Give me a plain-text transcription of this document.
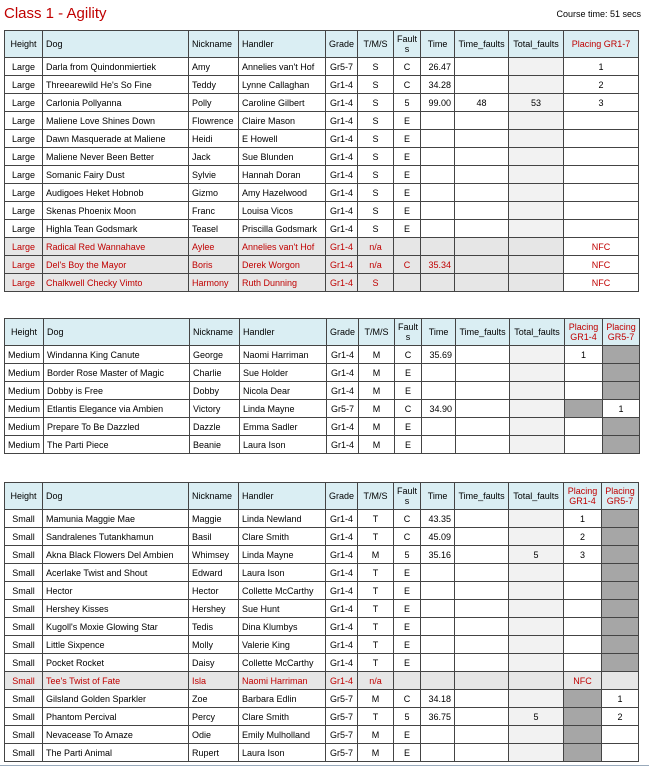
Class 1 - Agility	Course time: 51 secs
Height	Dog	Nickname	Handler	Grade	T/M/S	Fault s	Time	Time_faults	Total_faults	Placing GR1-7
Large	Darla from Quindonmiertiek	Amy	Annelies van't Hof	Gr5-7	S	C	26.47			1
Large	Threearewild He's So Fine	Teddy	Lynne Callaghan	Gr1-4	S	C	34.28			2
Large	Carlonia Pollyanna	Polly	Caroline Gilbert	Gr1-4	S	5	99.00	48	53	3
Large	Maliene Love Shines Down	Flowrence	Claire Mason	Gr1-4	S	E				
Large	Dawn Masquerade at Maliene	Heidi	E Howell	Gr1-4	S	E				
Large	Maliene Never Been Better	Jack	Sue Blunden	Gr1-4	S	E				
Large	Somanic Fairy Dust	Sylvie	Hannah Doran	Gr1-4	S	E				
Large	Audigoes Heket Hobnob	Gizmo	Amy Hazelwood	Gr1-4	S	E				
Large	Skenas Phoenix Moon	Franc	Louisa Vicos	Gr1-4	S	E				
Large	Highla Tean Godsmark	Teasel	Priscilla Godsmark	Gr1-4	S	E				
Large	Radical Red Wannahave	Aylee	Annelies van't Hof	Gr1-4	n/a					NFC
Large	Del's Boy the Mayor	Boris	Derek Worgon	Gr1-4	n/a	C	35.34			NFC
Large	Chalkwell Checky Vimto	Harmony	Ruth Dunning	Gr1-4	S					NFC
Height	Dog	Nickname	Handler	Grade	T/M/S	Fault s	Time	Time_faults	Total_faults	Placing GR1-4	Placing GR5-7
Medium	Windanna King Canute	George	Naomi Harriman	Gr1-4	M	C	35.69			1	
Medium	Border Rose Master of Magic	Charlie	Sue Holder	Gr1-4	M	E					
Medium	Dobby is Free	Dobby	Nicola Dear	Gr1-4	M	E					
Medium	Etlantis Elegance via Ambien	Victory	Linda Mayne	Gr5-7	M	C	34.90				1
Medium	Prepare To Be Dazzled	Dazzle	Emma Sadler	Gr1-4	M	E					
Medium	The Parti Piece	Beanie	Laura Ison	Gr1-4	M	E					
Height	Dog	Nickname	Handler	Grade	T/M/S	Fault s	Time	Time_faults	Total_faults	Placing GR1-4	Placing GR5-7
Small	Mamunia Maggie Mae	Maggie	Linda Newland	Gr1-4	T	C	43.35			1	
Small	Sandralenes Tutankhamun	Basil	Clare Smith	Gr1-4	T	C	45.09			2	
Small	Akna Black Flowers Del Ambien	Whimsey	Linda Mayne	Gr1-4	M	5	35.16		5	3	
Small	Acerlake Twist and Shout	Edward	Laura Ison	Gr1-4	T	E					
Small	Hector	Hector	Collette McCarthy	Gr1-4	T	E					
Small	Hershey Kisses	Hershey	Sue Hunt	Gr1-4	T	E					
Small	Kugoll's Moxie Glowing Star	Tedis	Dina Klumbys	Gr1-4	T	E					
Small	Little Sixpence	Molly	Valerie King	Gr1-4	T	E					
Small	Pocket Rocket	Daisy	Collette McCarthy	Gr1-4	T	E					
Small	Tee's Twist of Fate	Isla	Naomi Harriman	Gr1-4	n/a					NFC	
Small	Gilsland Golden Sparkler	Zoe	Barbara Edlin	Gr5-7	M	C	34.18				1
Small	Phantom Percival	Percy	Clare Smith	Gr5-7	T	5	36.75		5		2
Small	Nevacease To Amaze	Odie	Emily Mulholland	Gr5-7	M	E					
Small	The Parti Animal	Rupert	Laura Ison	Gr5-7	M	E					
